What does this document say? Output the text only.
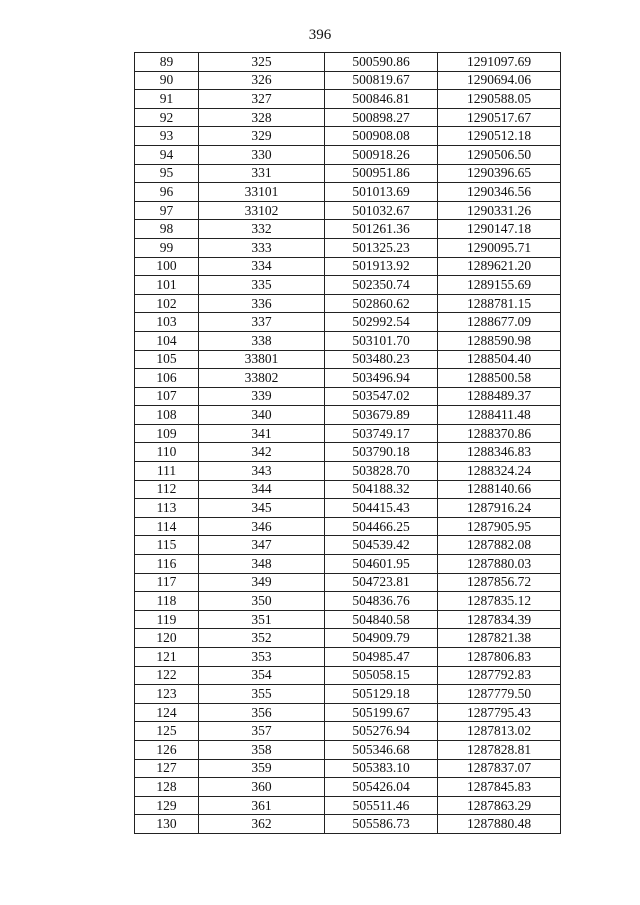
396
89	325	500590.86	1291097.69
90	326	500819.67	1290694.06
91	327	500846.81	1290588.05
92	328	500898.27	1290517.67
93	329	500908.08	1290512.18
94	330	500918.26	1290506.50
95	331	500951.86	1290396.65
96	33101	501013.69	1290346.56
97	33102	501032.67	1290331.26
98	332	501261.36	1290147.18
99	333	501325.23	1290095.71
100	334	501913.92	1289621.20
101	335	502350.74	1289155.69
102	336	502860.62	1288781.15
103	337	502992.54	1288677.09
104	338	503101.70	1288590.98
105	33801	503480.23	1288504.40
106	33802	503496.94	1288500.58
107	339	503547.02	1288489.37
108	340	503679.89	1288411.48
109	341	503749.17	1288370.86
110	342	503790.18	1288346.83
111	343	503828.70	1288324.24
112	344	504188.32	1288140.66
113	345	504415.43	1287916.24
114	346	504466.25	1287905.95
115	347	504539.42	1287882.08
116	348	504601.95	1287880.03
117	349	504723.81	1287856.72
118	350	504836.76	1287835.12
119	351	504840.58	1287834.39
120	352	504909.79	1287821.38
121	353	504985.47	1287806.83
122	354	505058.15	1287792.83
123	355	505129.18	1287779.50
124	356	505199.67	1287795.43
125	357	505276.94	1287813.02
126	358	505346.68	1287828.81
127	359	505383.10	1287837.07
128	360	505426.04	1287845.83
129	361	505511.46	1287863.29
130	362	505586.73	1287880.48
